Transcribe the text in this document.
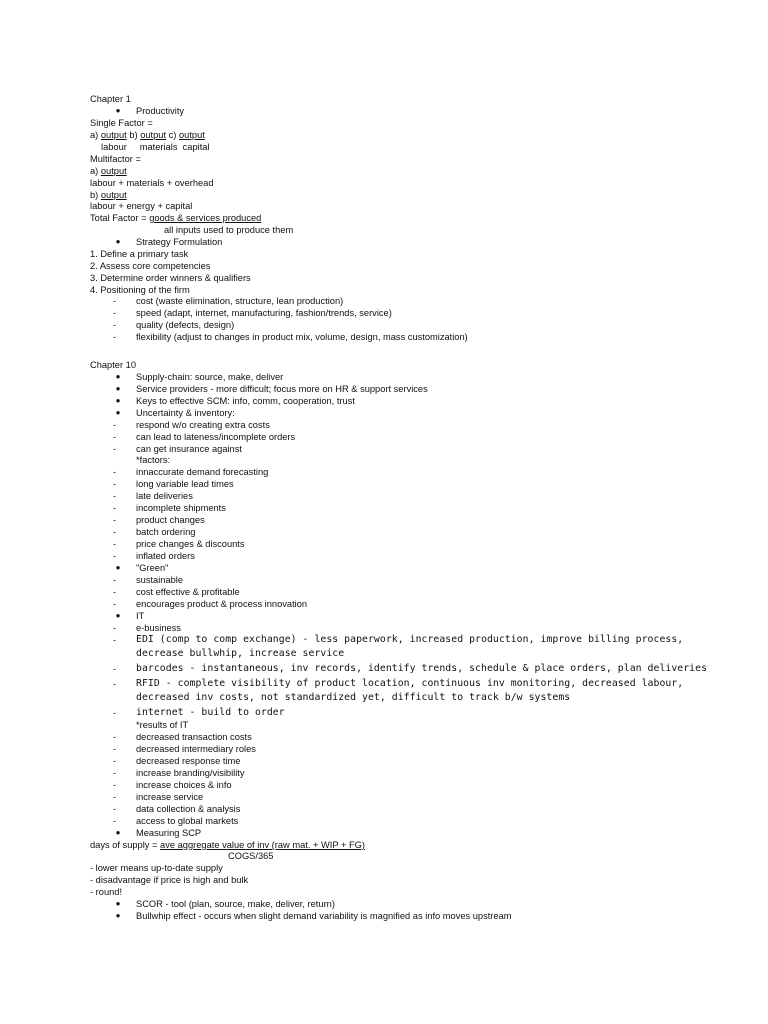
Chapter 1
● Productivity
Single Factor =
a) output b) output c) output
labour     materials  capital
Multifactor =
a) output
labour + materials + overhead
b) output
labour + energy + capital
Total Factor = goods & services produced
all inputs used to produce them
● Strategy Formulation
1. Define a primary task
2. Assess core competencies
3. Determine order winners & qualifiers
4. Positioning of the firm
- cost (waste elimination, structure, lean production)
- speed (adapt, internet, manufacturing, fashion/trends, service)
- quality (defects, design)
- flexibility (adjust to changes in product mix, volume, design, mass customization)
Chapter 10
● Supply-chain: source, make, deliver
● Service providers - more difficult; focus more on HR & support services
● Keys to effective SCM: info, comm, cooperation, trust
● Uncertainty & inventory:
- respond w/o creating extra costs
- can lead to lateness/incomplete orders
- can get insurance against
*factors:
- innaccurate demand forecasting
- long variable lead times
- late deliveries
- incomplete shipments
- product changes
- batch ordering
- price changes & discounts
- inflated orders
● "Green"
- sustainable
- cost effective & profitable
- encourages product & process innovation
● IT
- e-business
- EDI (comp to comp exchange) - less paperwork, increased production, improve billing process,
decrease bullwhip, increase service
- barcodes - instantaneous, inv records, identify trends, schedule & place orders, plan deliveries
- RFID - complete visibility of product location, continuous inv monitoring, decreased labour,
decreased inv costs, not standardized yet, difficult to track b/w systems
- internet - build to order
*results of IT
- decreased transaction costs
- decreased intermediary roles
- decreased response time
- increase branding/visibility
- increase choices & info
- increase service
- data collection & analysis
- access to global markets
● Measuring SCP
days of supply = ave aggregate value of inv (raw mat. + WIP + FG)
COGS/365
- lower means up-to-date supply
- disadvantage if price is high and bulk
- round!
● SCOR - tool (plan, source, make, deliver, return)
● Bullwhip effect - occurs when slight demand variability is magnified as info moves upstream
